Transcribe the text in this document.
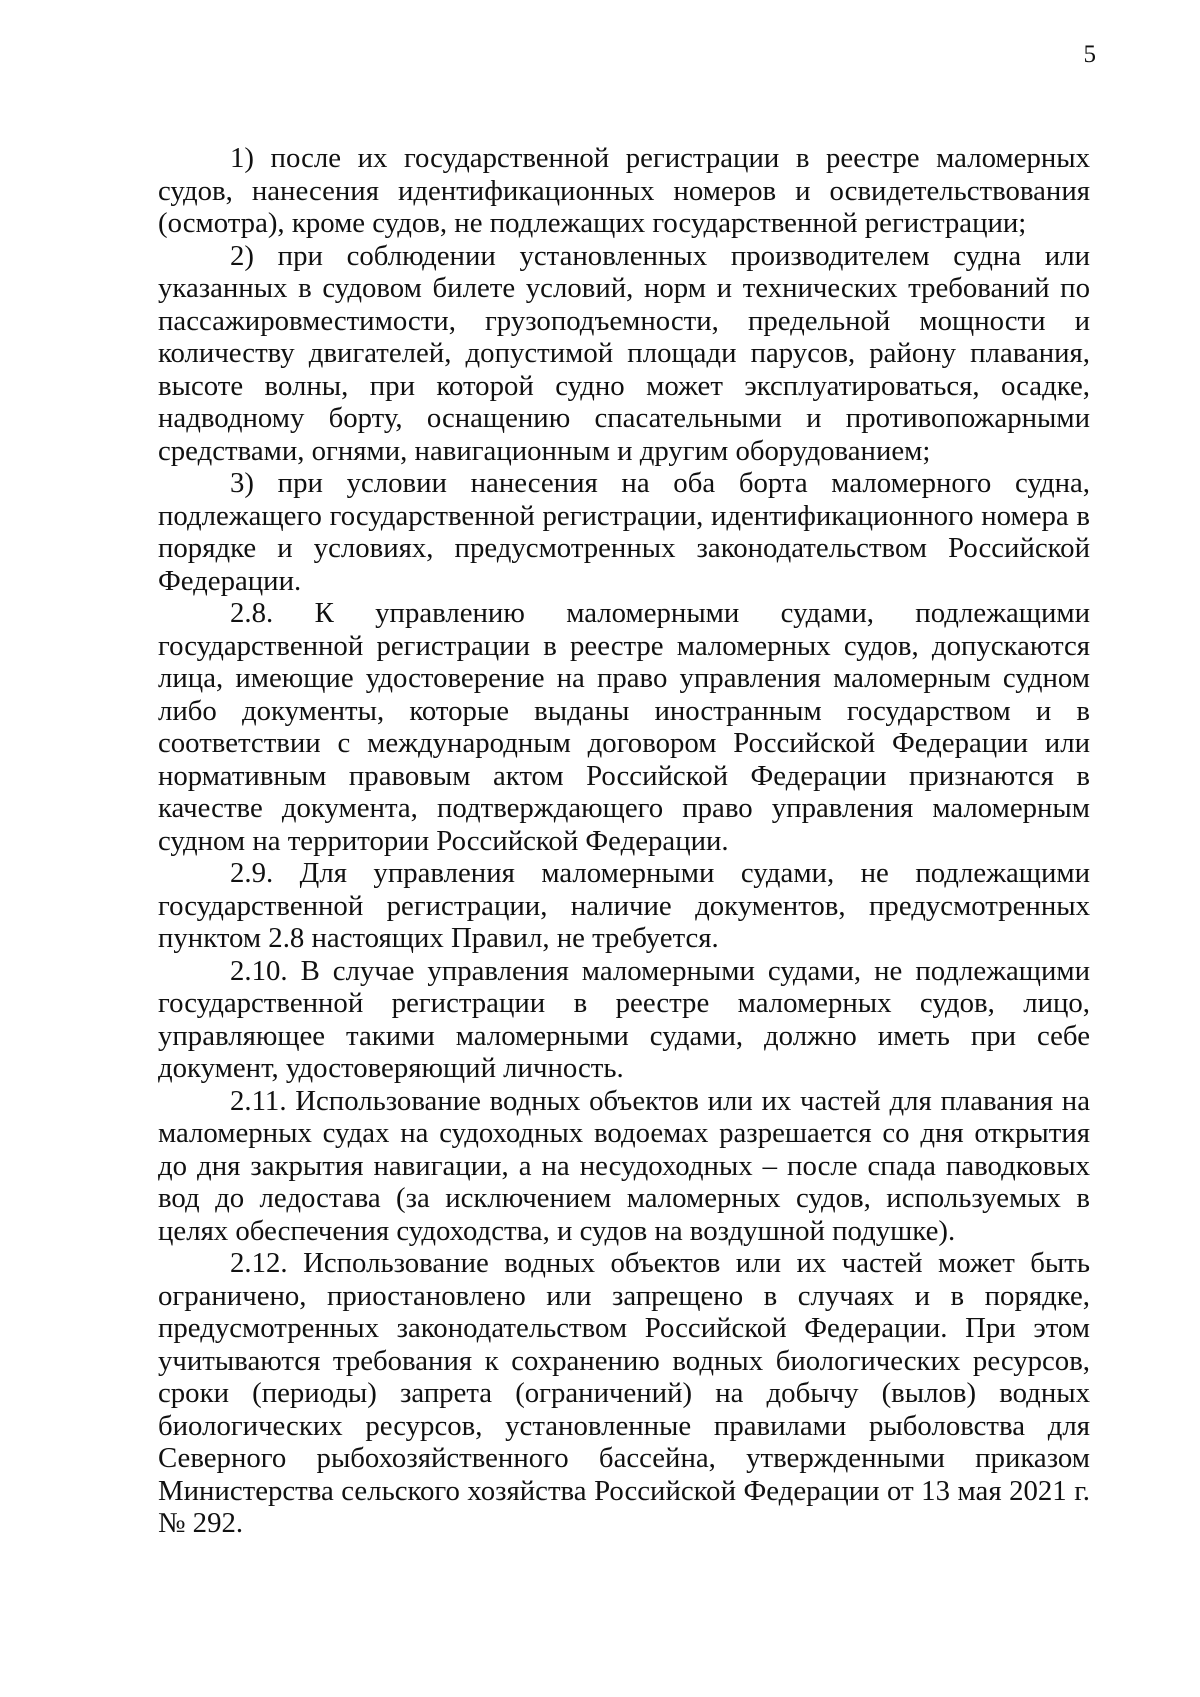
5

1) после их государственной регистрации в реестре маломерных судов, нанесения идентификационных номеров и освидетельствования (осмотра), кроме судов, не подлежащих государственной регистрации;

2) при соблюдении установленных производителем судна или указанных в судовом билете условий, норм и технических требований по пассажировместимости, грузоподъемности, предельной мощности и количеству двигателей, допустимой площади парусов, району плавания, высоте волны, при которой судно может эксплуатироваться, осадке, надводному борту, оснащению спасательными и противопожарными средствами, огнями, навигационным и другим оборудованием;

3) при условии нанесения на оба борта маломерного судна, подлежащего государственной регистрации, идентификационного номера в порядке и условиях, предусмотренных законодательством Российской Федерации.

2.8. К управлению маломерными судами, подлежащими государственной регистрации в реестре маломерных судов, допускаются лица, имеющие удостоверение на право управления маломерным судном либо документы, которые выданы иностранным государством и в соответствии с международным договором Российской Федерации или нормативным правовым актом Российской Федерации признаются в качестве документа, подтверждающего право управления маломерным судном на территории Российской Федерации.

2.9. Для управления маломерными судами, не подлежащими государственной регистрации, наличие документов, предусмотренных пунктом 2.8 настоящих Правил, не требуется.

2.10. В случае управления маломерными судами, не подлежащими государственной регистрации в реестре маломерных судов, лицо, управляющее такими маломерными судами, должно иметь при себе документ, удостоверяющий личность.

2.11. Использование водных объектов или их частей для плавания на маломерных судах на судоходных водоемах разрешается со дня открытия до дня закрытия навигации, а на несудоходных – после спада паводковых вод до ледостава (за исключением маломерных судов, используемых в целях обеспечения судоходства, и судов на воздушной подушке).

2.12. Использование водных объектов или их частей может быть ограничено, приостановлено или запрещено в случаях и в порядке, предусмотренных законодательством Российской Федерации. При этом учитываются требования к сохранению водных биологических ресурсов, сроки (периоды) запрета (ограничений) на добычу (вылов) водных биологических ресурсов, установленные правилами рыболовства для Северного рыбохозяйственного бассейна, утвержденными приказом Министерства сельского хозяйства Российской Федерации от 13 мая 2021 г. № 292.
